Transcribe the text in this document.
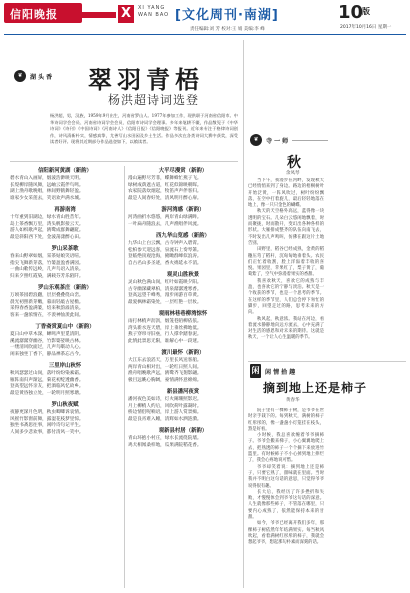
信阳晚报	X	XI YANG
WAN BAO [文化周刊·南湖]	10
版
责任编辑:刘 芳 校对:王 娟 美编:李 峰	2017年10月16日 星期一
❦	湖 头 香 翠羽青梧
杨洪超诗词选登
杨洪超，男，汉族，1959年9月出生，河南省罗山人。1977年参加工作，现供职于河南省信阳市。中华诗词学会会员、河南省诗词学会会员、信阳市诗词学会理事。多年来笔耕不辍，作品散见于《中华诗词》《诗刊》《中国诗词》《河南诗人》《信阳日报》《信阳晚报》等报刊。近年来专注于格律诗词创作，诗风清新朴实，情感真挚，尤善写山水田园及乡土生活。作品多次在各类诗词大赛中获奖，深受读者好评。现将其近期部分作品选登如下，以飨读者。
信阳新河黄湖（新韵）
碧水青山入画屏，烟波浩渺映天明。
长堤柳岸随风舞，远岫云霞伴鸟鸣。
湖上渔舟歌晚唱，林间野鹤舞轻盈。
谁家少女采莲去，笑语欢声满水城。
再游南湾
十年重到旧湖边，绿水青山胜昔年。
岛上茶香飘万里，湾头帆影接云天。
游人如织歌声起，鸥鹭成群舞翩跹。
最是斜阳西下处，金波荡漾醉心田。
罗山采茶歌
春来山野翠如烟，采茶姑娘笑语喧。
指尖飞舞新芽落，竹篓盈盈香满园。
一曲山歌传远岭，几声鸟语入清泉。
归来夕照红霞染，满载芬芳乐陌阡。
罗山乐观茶庄（新韵）
万顷茶园碧浪翻，层层叠叠绕山峦。
晨光初照新芽嫩，暮雨轻敲古屋檐。
采得春香盈满篓，焙来秋韵溢清泉。
客来一盏浓情在，不羡神仙羡此间。
丁香斋赏夏山中（新韵）
夏日山中草木深，蝉鸣声里觅清阴。
溪流潺潺穿幽谷，竹影婆娑映古林。
一缕清风吹面过，几声鸟啭动人心。
闲来独坐丁香下，静品禅茶忘古今。
三里岸山秋怀
秋风瑟瑟过山岗，落叶纷纷染素霜。
雁阵南归声渐远，菊花初绽透幽香。
登高望远怀亲友，把酒临风忆故乡。
最是黄昏独立处，一轮明月照寒塘。
罗山秋夜赋
夜静更深月色明，秋虫唧唧诉衷情。
风摇竹影窗前舞，露湿花枝梦里惊。
独坐书斋思往事，闲吟诗句记平生。
人间多少悲欢事，都付清风一笑中。
大平尽漫赏（新韵）
漫山遍野尽芳菲，蝶舞蜂忙燕子飞。
绿树成荫遮古道，红花似锦映朝晖。
农家院落炊烟起，牧笛声声伴客归。
最是人间春好处，清风明月醉心扉。
游河湾感（新韵）
河湾曲折水悠悠，两岸青山绿满眸。
一叶扁舟随浪去，几声渔唱伴风流。
西九华山览感（新韵）
九华山上白云飘，古寺钟声入碧霄。
松柏参天迎远客，泉流石上奏琴箫。
登临绝顶观沧海，俯瞰群峰似浪涛。
自古名山多圣迹，香火绵延永不消。
观灵山胜秋景
灵山秋色满山岗，红叶如霞映夕阳。
古寺幽深藏翠柏，清泉潺潺透寒香。
登高远望千峰秀，漫步闲游百草黄。
最爱枫林霜染处，一层红艳一层妆。
观雨林巷巷柳湾惊怀
雨打林梢声沥沥，烟笼巷陌柳依依。
湾头新水连天碧，岸上垂丝拂地低。
燕子穿帘寻旧垒，行人撑伞踏春泥。
此情此景思无限，谁解心中一段迷。
渡川最怀（新韵）
大江东去浪滔天，万里长风送客船。
两岸青山相对出，一轮红日照人间。
渔舟唱晚歌声远，鸥鹭齐飞翅影翩。
极目远眺心胸阔，豪情满怀意绵绵。
新县潘河夜赏
潘河夜色美如诗，灯火阑珊照影迟。
月上柳梢人约后，风吹荷叶露凝时。
桥边情侣呢喃语，岸上游人赏景痴。
最是良宵难入睡，清辉如水洒涟漪。
观新县村居（新韵）
青山环抱小村庄，绿水长流绕院墙。
鸡犬相闻桑梓地，瓜果满院稻花香。
❦	寺 一 师
秋
余凤琴

当下午，我漫步在河畔，发现秋天已经悄悄来到了身边。路边的梧桐树叶开始泛黄，一阵风吹过，树叶纷纷飘落，在空中打着旋儿，最后轻轻地落在地上，像一只只金色的蝴蝶。

秋天的天空格外高远，蓝得像一块透明的宝石。几朵白云悠闲地飘着，时而聚拢，时而散开，变幻出各种各样的形状。大雁排成整齐的队伍向南飞去，不时发出几声鸣叫，仿佛在跟这片土地告别。

田野里，稻谷已经成熟，金黄的稻穗压弯了稻秆，沉甸甸地垂着头。农民们正忙着收割，脸上洋溢着丰收的喜悦。果园里，苹果红了，梨子黄了，葡萄紫了，空气中弥漫着果实的香甜。

我喜欢秋天，喜欢它的成熟与丰盈，也喜欢它的宁静与淡泊。秋天是一个收获的季节，也是一个思考的季节。在这样的季节里，人们总会停下匆忙的脚步，回望走过的路，思考未来的方向。

秋风起，秋意浓。我站在河边，看着流水静静地向远方流去，心中充满了对生活的感恩和对未来的期待。这就是秋天，一个让人心生温暖的季节。

闲 闲 情 拾 趣
摘到地上还是柿子
黄春华

院子里有一棵柿子树，是爷爷在世时亲手栽下的。每到秋天，满树的柿子红彤彤的，像一盏盏小灯笼挂在枝头，煞是好看。

小时候，我总喜欢缠着爷爷摘柿子。爷爷会搬来梯子，小心翼翼地爬上去，把熟透的柿子一个个摘下来放进竹篮里。有时候柿子不小心掉到地上摔烂了，我会心疼地说可惜。

爷爷却笑着说：摘到地上还是柿子，只要它熟了，甜味就在里面。当时我并不明白这句话的意思，只觉得爷爷说得很有趣。

长大后，我经历了许多挫折和失败，才慢慢体会到爷爷这句话的深意。人生就像那些柿子，不管落在哪里，只要内心成熟了，依然能保持本来的甘甜。

如今，爷爷已经离开我们多年，那棵柿子树依然年年结满果实。每当秋风吹起，看着满树红彤彤的柿子，我就会想起爷爷，想起那句朴素而深刻的话。
